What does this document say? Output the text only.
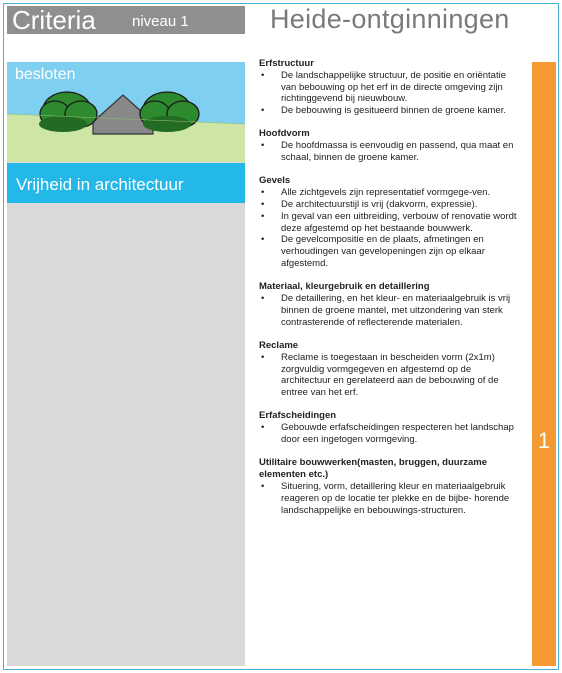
Criteria niveau 1	Heide-ontginningen
besloten
Vrijheid in architectuur
1
Erfstructuur
• De landschappelijke structuur, de positie en oriëntatie van bebouwing op het erf in de directe omgeving zijn richtinggevend bij nieuwbouw.
• De bebouwing is gesitueerd binnen de groene kamer.
Hoofdvorm
• De hoofdmassa is eenvoudig en passend, qua maat en schaal, binnen de groene kamer.
Gevels
• Alle zichtgevels zijn representatief vormgege-ven.
• De architectuurstijl is vrij (dakvorm, expressie).
• In geval van een uitbreiding, verbouw of renovatie wordt deze afgestemd op het bestaande bouwwerk.
• De gevelcompositie en de plaats, afmetingen en verhoudingen van gevelopeningen zijn op elkaar afgestemd.
Materiaal, kleurgebruik en detaillering
• De detaillering, en het kleur- en materiaalgebruik is vrij binnen de groene mantel, met uitzondering van sterk contrasterende of reflecterende materialen.
Reclame
• Reclame is toegestaan in bescheiden vorm (2x1m) zorgvuldig vormgegeven en afgestemd op de architectuur en gerelateerd aan de bebouwing of de entree van het erf.
Erfafscheidingen
• Gebouwde erfafscheidingen respecteren het landschap door een ingetogen vormgeving.
Utilitaire bouwwerken(masten, bruggen, duurzame elementen etc.)
• Situering, vorm, detaillering kleur en materiaalgebruik reageren op de locatie ter plekke en de bijbe- horende landschappelijke en bebouwings-structuren.
